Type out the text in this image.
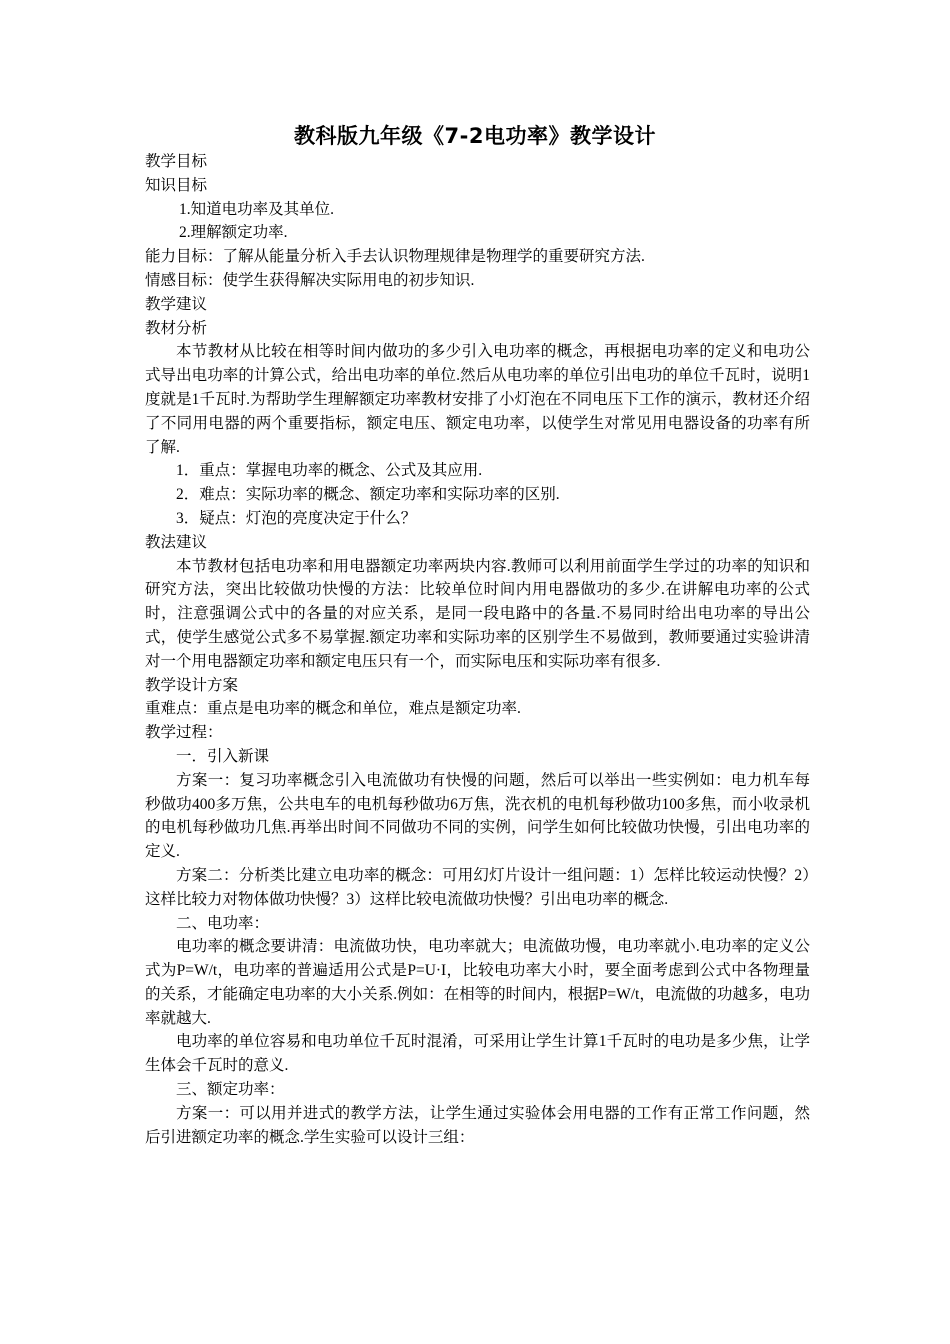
教科版九年级《7-2电功率》教学设计

教学目标

知识目标

1.知道电功率及其单位.

2.理解额定功率.

能力目标：了解从能量分析入手去认识物理规律是物理学的重要研究方法.

情感目标：使学生获得解决实际用电的初步知识.

教学建议

教材分析

本节教材从比较在相等时间内做功的多少引入电功率的概念，再根据电功率的定义和电功公式导出电功率的计算公式，给出电功率的单位.然后从电功率的单位引出电功的单位千瓦时，说明1度就是1千瓦时.为帮助学生理解额定功率教材安排了小灯泡在不同电压下工作的演示，教材还介绍了不同用电器的两个重要指标，额定电压、额定电功率，以使学生对常见用电器设备的功率有所了解.

1．重点：掌握电功率的概念、公式及其应用.

2．难点：实际功率的概念、额定功率和实际功率的区别.

3．疑点：灯泡的亮度决定于什么？

教法建议

本节教材包括电功率和用电器额定功率两块内容.教师可以利用前面学生学过的功率的知识和研究方法，突出比较做功快慢的方法：比较单位时间内用电器做功的多少.在讲解电功率的公式时，注意强调公式中的各量的对应关系，是同一段电路中的各量.不易同时给出电功率的导出公式，使学生感觉公式多不易掌握.额定功率和实际功率的区别学生不易做到，教师要通过实验讲清对一个用电器额定功率和额定电压只有一个，而实际电压和实际功率有很多.

教学设计方案

重难点：重点是电功率的概念和单位，难点是额定功率.

教学过程：

一．引入新课

方案一：复习功率概念引入电流做功有快慢的问题，然后可以举出一些实例如：电力机车每秒做功400多万焦，公共电车的电机每秒做功6万焦，洗衣机的电机每秒做功100多焦，而小收录机的电机每秒做功几焦.再举出时间不同做功不同的实例，问学生如何比较做功快慢，引出电功率的定义.

方案二：分析类比建立电功率的概念：可用幻灯片设计一组问题：1）怎样比较运动快慢？2）这样比较力对物体做功快慢？3）这样比较电流做功快慢？引出电功率的概念.

二、电功率：

电功率的概念要讲清：电流做功快，电功率就大；电流做功慢，电功率就小.电功率的定义公式为P=W/t，电功率的普遍适用公式是P=U·I，比较电功率大小时，要全面考虑到公式中各物理量的关系，才能确定电功率的大小关系.例如：在相等的时间内，根据P=W/t，电流做的功越多，电功率就越大.

电功率的单位容易和电功单位千瓦时混淆，可采用让学生计算1千瓦时的电功是多少焦，让学生体会千瓦时的意义.

三、额定功率：

方案一：可以用并进式的教学方法，让学生通过实验体会用电器的工作有正常工作问题，然后引进额定功率的概念.学生实验可以设计三组：
